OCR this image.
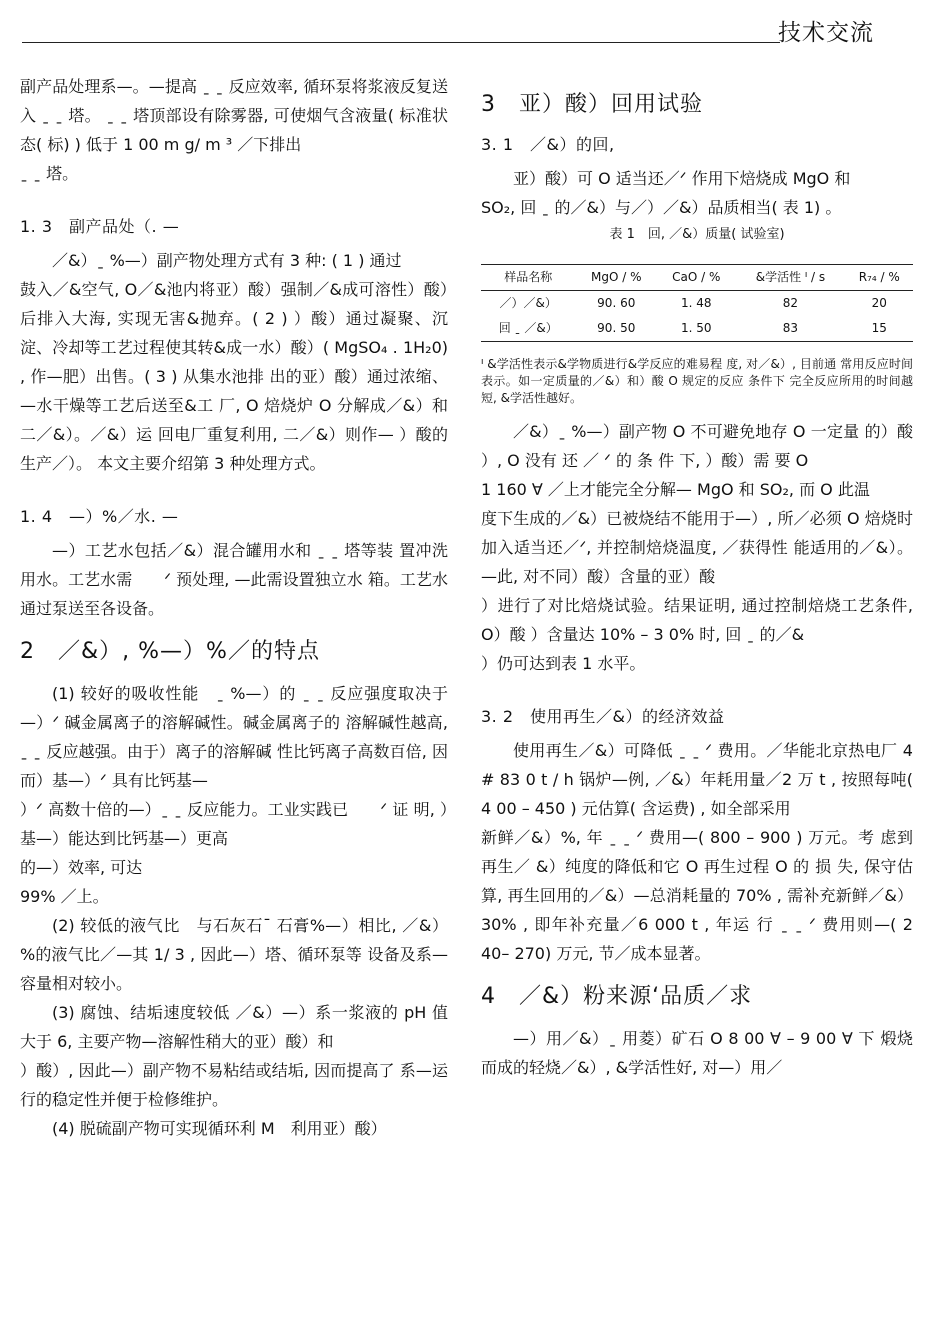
技术交流

副产品处理系—。—提高 ˍ ˍ 反应效率, 循环泵将浆液反复送入 ˍ ˍ 塔。 ˍ ˍ 塔顶部设有除雾器, 可使烟气含液量( 标准状态( 标) ) 低于 1 00 m g/ m ³ ／下排出

ˍ ˍ 塔。

1. 3　副产品处（. —

／&）ˍ %—）副产物处理方式有 3 种: ( 1 ) 通过

鼓入／&空气, O／&池内将亚）酸）强制／&成可溶性）酸）后排入大海, 实现无害&抛弃。( 2 ) ）酸）通过凝聚、沉淀、冷却等工艺过程使其转&成一水）酸）( MgSO₄ . 1H₂0) , 作—肥）出售。( 3 ) 从集水池排 出的亚）酸）通过浓缩、—水干燥等工艺后送至&工 厂, O 焙烧炉 O 分解成／&）和二／&）。／&）运 回电厂重复利用, 二／&）则作— ）酸的生产／）。 本文主要介绍第 3 种处理方式。

1. 4　—）%／水. —

—）工艺水包括／&）混合罐用水和 ˍ ˍ 塔等装 置冲洗用水。工艺水需　　ᐟ 预处理, —此需设置独立水 箱。工艺水通过泵送至各设备。

2　／&）, %—）%／的特点

(1) 较好的吸收性能　ˍ %—）的 ˍ ˍ 反应强度取决于—）ᐟ 碱金属离子的溶解碱性。碱金属离子的 溶解碱性越高, ˍ ˍ 反应越强。由于）离子的溶解碱 性比钙离子高数百倍, 因而）基—）ᐟ 具有比钙基—

）ᐟ 高数十倍的—）ˍ ˍ 反应能力。工业实践已　　ᐟ 证 明, ）基—）能达到比钙基—）更高

的—）效率, 可达

99% ／上。

(2) 较低的液气比　与石灰石¯ 石膏%—）相比, ／&）%的液气比／—其 1/ 3 , 因此—）塔、循环泵等 设备及系—容量相对较小。

(3) 腐蚀、结垢速度较低 ／&）—）系一浆液的 pH 值大于 6, 主要产物—溶解性稍大的亚）酸）和

）酸）, 因此—）副产物不易粘结或结垢, 因而提高了 系—运行的稳定性并便于检修维护。

(4) 脱硫副产物可实现循环利 M　利用亚）酸）

3　亚）酸）回用试验
3. 1　／&）的回,

亚）酸）可 O 适当还／ᐟ 作用下焙烧成 MgO 和

SO₂, 回 ˍ 的／&）与／）／&）品质相当( 表 1) 。

表 1　回, ／&）质量( 试验室)
样品名称	MgO / %	CaO / %	&学活性 ᑊ / s	R₇₄ / %
／）／&）	90. 60	1. 48	82	20
回 ˍ ／&）	90. 50	1. 50	83	15
ᑊ &学活性表示&学物质进行&学反应的难易程 度, 对／&）, 目前通 常用反应时间表示。如一定质量的／&）和）酸 O 规定的反应 条件下 完全反应所用的时间越短, &学活性越好。

／&）ˍ %—）副产物 O 不可避免地存 O 一定量 的）酸 ）, O 没有 还 ／ ᐟ 的 条 件 下, ）酸）需 要 O

1 160 ∀ ／上才能完全分解— MgO 和 SO₂, 而 O 此温

度下生成的／&）已被烧结不能用于—）, 所／必须 O 焙烧时加入适当还／ᐟ, 并控制焙烧温度, ／获得性 能适用的／&）。—此, 对不同）酸）含量的亚）酸

）进行了对比焙烧试验。结果证明, 通过控制焙烧工艺条件, O）酸 ）含量达 10% – 3 0% 时, 回 ˍ 的／&

）仍可达到表 1 水平。

3. 2　使用再生／&）的经济效益

使用再生／&）可降低 ˍ ˍ ᐟ 费用。／华能北京热电厂 4 # 83 0 t / h 锅炉—例, ／&）年耗用量／2 万 t , 按照每吨( 4 00 – 450 ) 元估算( 含运费) , 如全部采用

新鲜／&）%, 年 ˍ ˍ ᐟ 费用—( 800 – 900 ) 万元。考 虑到再生／ &）纯度的降低和它 O 再生过程 O 的 损 失, 保守估算, 再生回用的／&）—总消耗量的 70% , 需补充新鲜／&） 30% , 即年补充量／6 000 t , 年运 行 ˍ ˍ ᐟ 费用则—( 2 40– 270) 万元, 节／成本显著。

4　／&）粉来源‘品质／求

—）用／&）ˍ 用菱）矿石 O 8 00 ∀ – 9 00 ∀ 下 煅烧而成的轻烧／&）, &学活性好, 对—）用／
